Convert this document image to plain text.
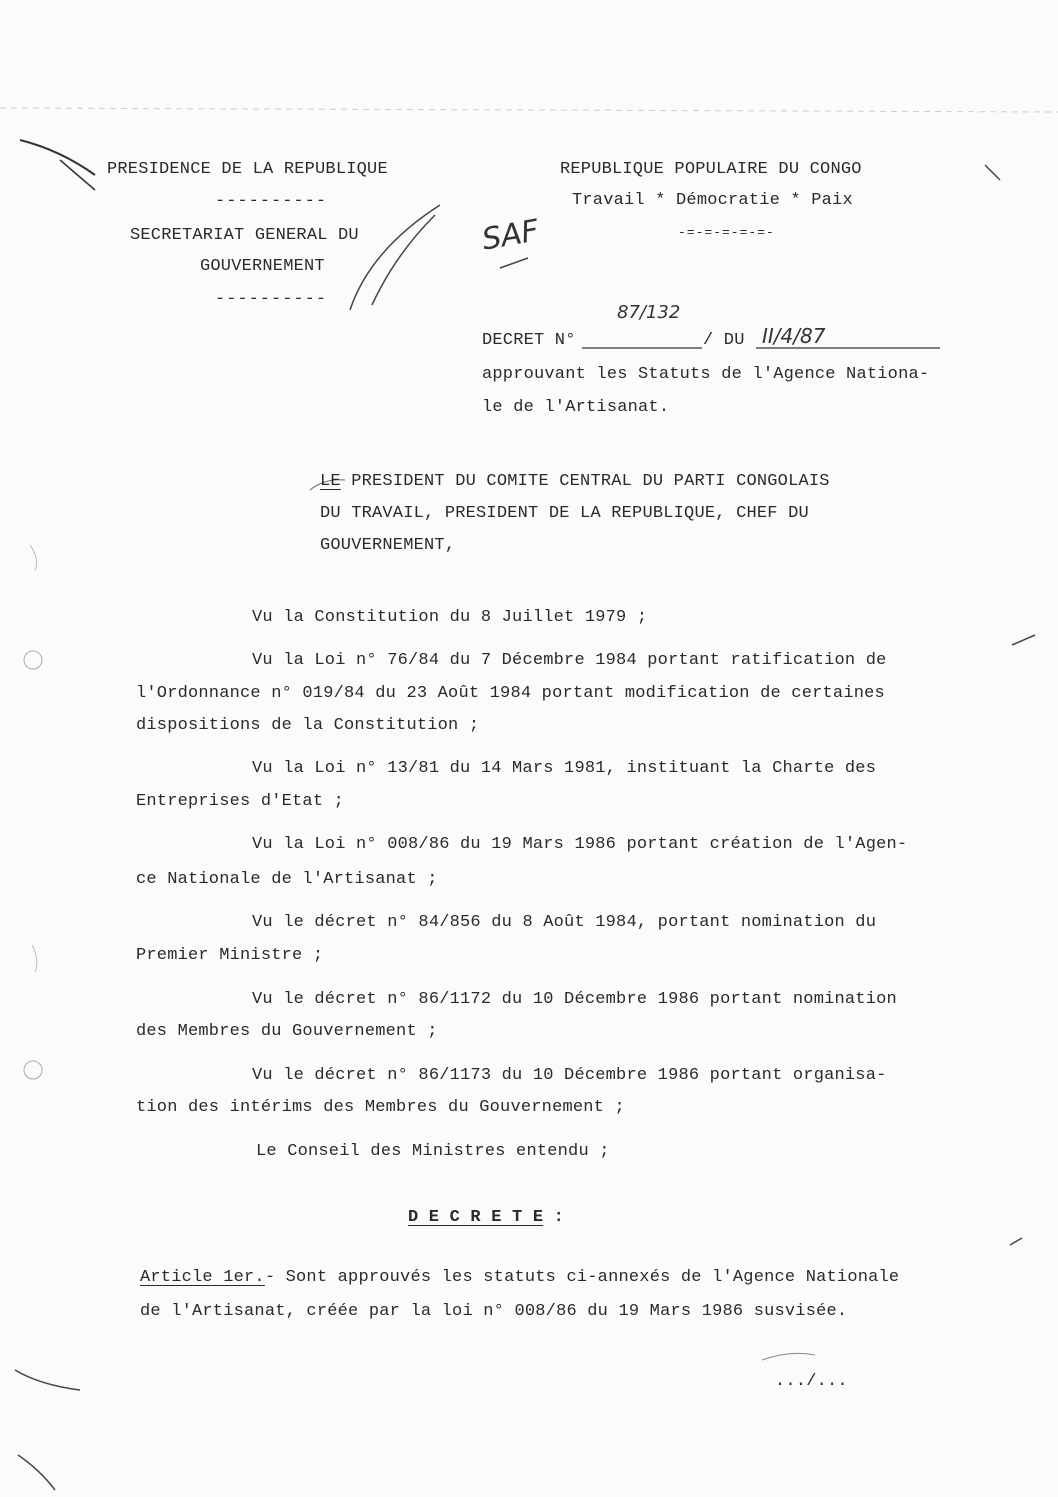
PRESIDENCE DE LA REPUBLIQUE
----------
SECRETARIAT GENERAL DU
GOUVERNEMENT
----------
REPUBLIQUE POPULAIRE DU CONGO
Travail * Démocratie * Paix
-=-=-=-=-=-
SAF
DECRET N°
87/132
/ DU II/4/87
approuvant les Statuts de l'Agence Nationa-
le de l'Artisanat.
LE PRESIDENT DU COMITE CENTRAL DU PARTI CONGOLAIS
DU TRAVAIL, PRESIDENT DE LA REPUBLIQUE, CHEF DU
GOUVERNEMENT,
Vu la Constitution du 8 Juillet 1979 ;
Vu la Loi n° 76/84 du 7 Décembre 1984 portant ratification de
l'Ordonnance n° 019/84 du 23 Août 1984 portant modification de certaines
dispositions de la Constitution ;
Vu la Loi n° 13/81 du 14 Mars 1981, instituant la Charte des
Entreprises d'Etat ;
Vu la Loi n° 008/86 du 19 Mars 1986 portant création de l'Agen-
ce Nationale de l'Artisanat ;
Vu le décret n° 84/856 du 8 Août 1984, portant nomination du
Premier Ministre ;
Vu le décret n° 86/1172 du 10 Décembre 1986 portant nomination
des Membres du Gouvernement ;
Vu le décret n° 86/1173 du 10 Décembre 1986 portant organisa-
tion des intérims des Membres du Gouvernement ;
Le Conseil des Ministres entendu ;
D E C R E T E :
Article 1er.- Sont approuvés les statuts ci-annexés de l'Agence Nationale
de l'Artisanat, créée par la loi n° 008/86 du 19 Mars 1986 susvisée.
.../...
